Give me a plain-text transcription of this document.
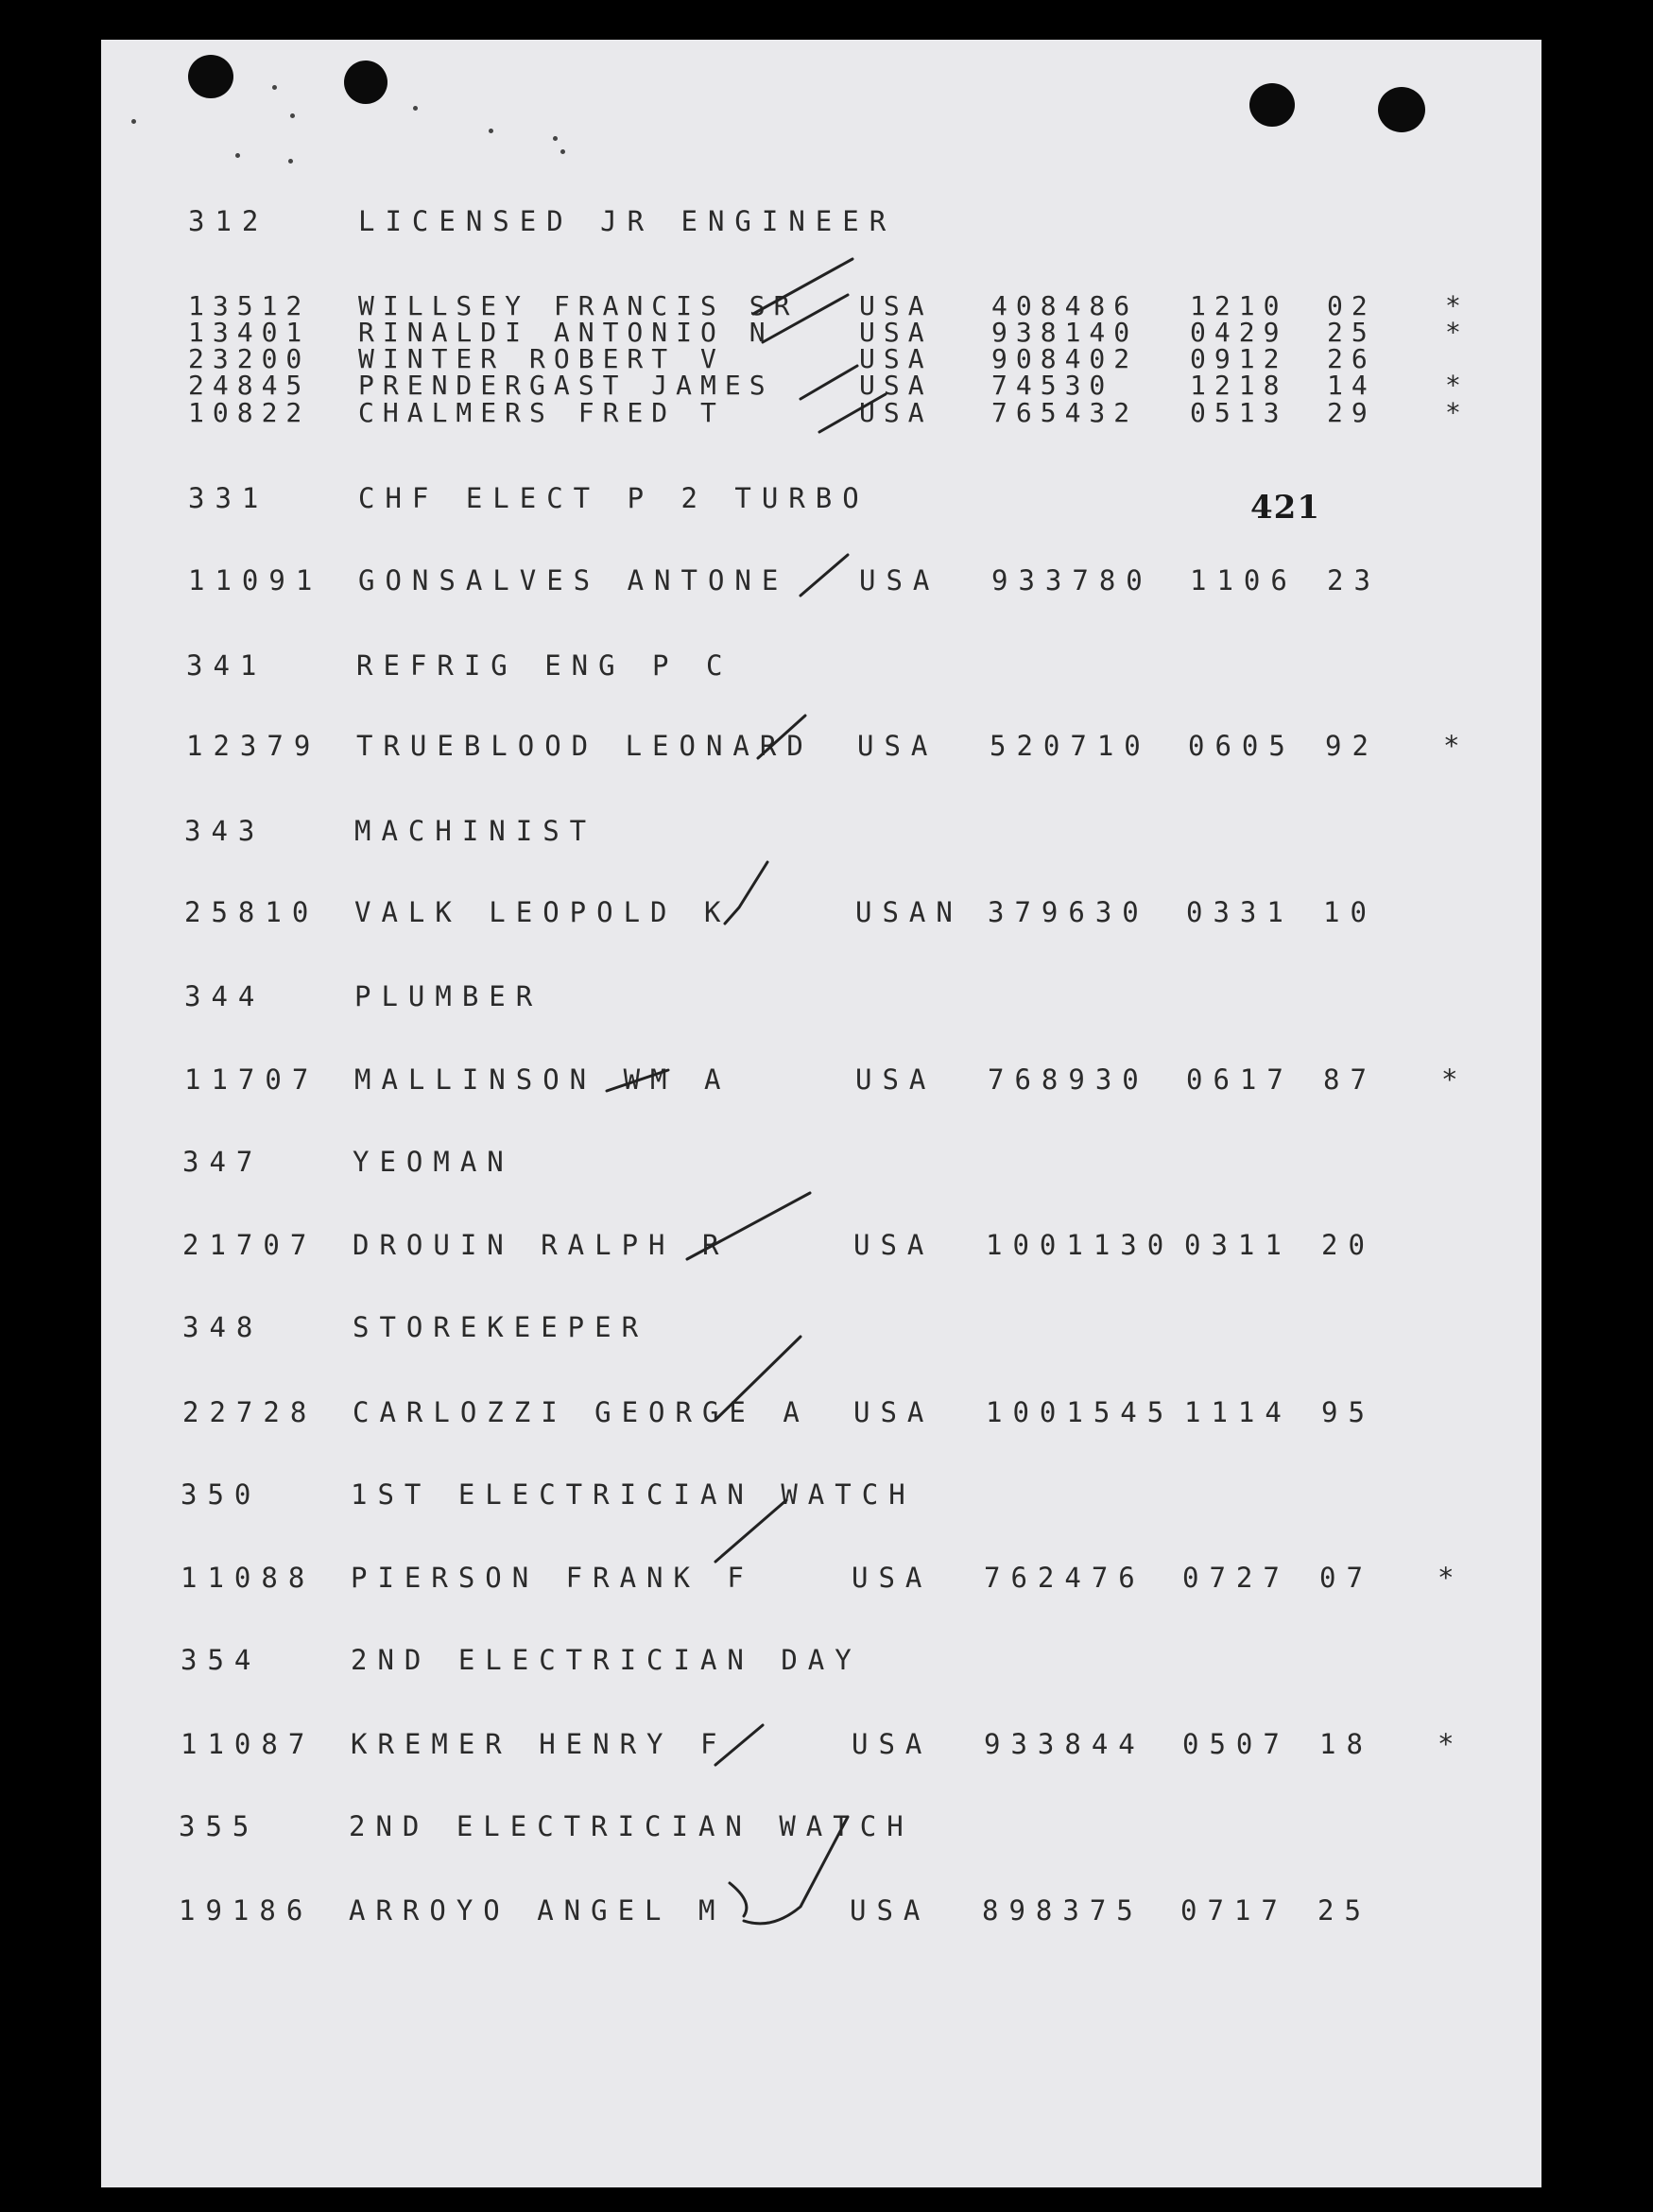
421
312	LICENSED JR ENGINEER
13512 WILLSEY FRANCIS SR USA 408486 1210 02	*
13401 RINALDI ANTONIO N	USA 938140 0429 25	*
23200 WINTER ROBERT V	USA 908402 0912 26
24845 PRENDERGAST JAMES	USA 74530	1218 14	*
10822 CHALMERS FRED T	USA 765432 0513 29	*
331	CHF ELECT P 2 TURBO
11091 GONSALVES ANTONE	USA 933780 1106 23
341	REFRIG ENG P C
12379 TRUEBLOOD LEONARD USA 520710 0605 92 *
343	MACHINIST
25810 VALK LEOPOLD K	USAN 379630 0331 10
344	PLUMBER
11707 MALLINSON WM A	USA 768930 0617 87 *
347	YEOMAN
21707 DROUIN RALPH R	USA 1001130 0311 20
348	STOREKEEPER
22728 CARLOZZI GEORGE A USA 1001545 1114 95
350	1ST ELECTRICIAN WATCH
11088 PIERSON FRANK F	USA 762476 0727 07 *
354	2ND ELECTRICIAN DAY
11087 KREMER HENRY F	USA 933844 0507 18 *
355	2ND ELECTRICIAN WATCH
19186 ARROYO ANGEL M	USA 898375 0717 25
